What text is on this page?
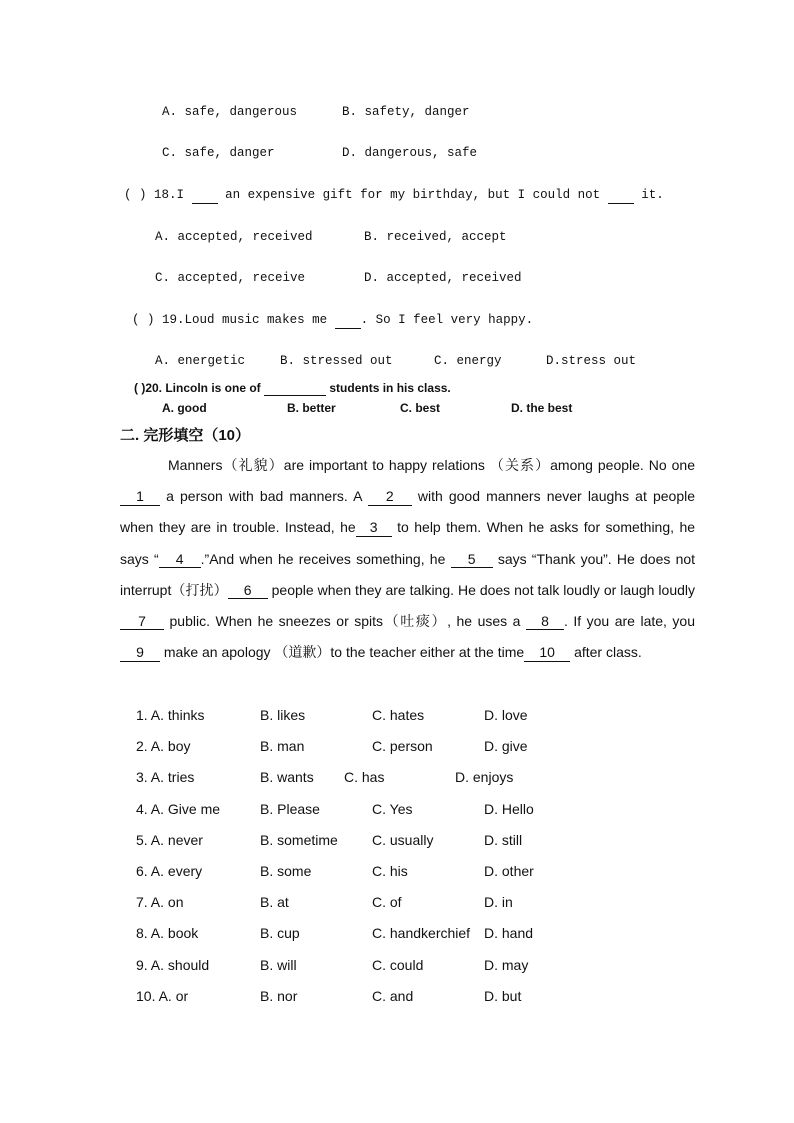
A. safe, dangerous	B. safety, danger
C. safe, danger	D. dangerous, safe
( ) 18.I	an expensive gift for my birthday, but I could not	it.
A. accepted, received	B. received, accept
C. accepted, receive	D. accepted, received
( ) 19.Loud music makes me	. So I feel very happy.
A. energetic	B. stressed out	C. energy	D.stress out
( )20. Lincoln is one of	students in his class.
A. good	B. better	C. best	D. the best
二. 完形填空（10）
Manners（礼貌）are important to happy relations （关系）among people. No one 1 a person with bad manners. A 2 with good manners never laughs at people when they are in trouble. Instead, he 3 to help them. When he asks for something, he says “ 4 .”And when he receives something, he 5 says “Thank you”. He does not interrupt（打扰） 6 people when they are talking. He does not talk loudly or laugh loudly 7 public. When he sneezes or spits（吐痰）, he uses a 8 . If you are late, you 9 make an apology （道歉）to the teacher either at the time 10 after class.
1. A. thinks	B. likes	C. hates	D. love
2. A. boy	B. man	C. person	D. give
3. A. tries	B. wants C. has	D. enjoys
4. A. Give me	B. Please	C. Yes	D. Hello
5. A. never	B. sometime C. usually	D. still
6. A. every	B. some	C. his	D. other
7. A. on	B. at	C. of	D. in
8. A. book	B. cup	C. handkerchief D. hand
9. A. should	B. will	C. could	D. may
10. A. or	B. nor	C. and	D. but
